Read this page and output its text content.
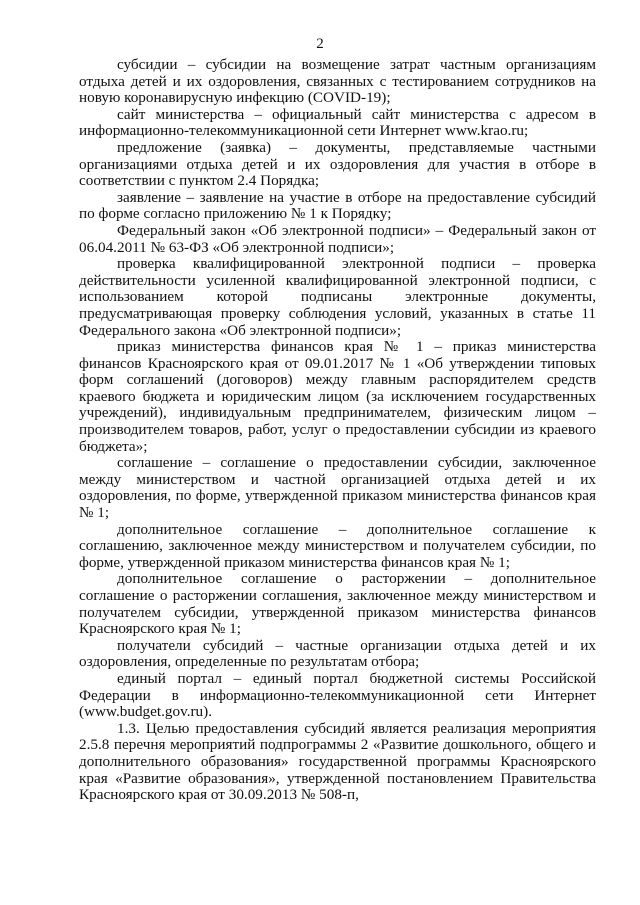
2

субсидии – субсидии на возмещение затрат частным организациям отдыха детей и их оздоровления, связанных с тестированием сотрудников на новую коронавирусную инфекцию (COVID-19);

сайт министерства – официальный сайт министерства с адресом в информационно-телекоммуникационной сети Интернет www.krao.ru;

предложение (заявка) – документы, представляемые частными организациями отдыха детей и их оздоровления для участия в отборе в соответствии с пунктом 2.4 Порядка;

заявление – заявление на участие в отборе на предоставление субсидий по форме согласно приложению № 1 к Порядку;

Федеральный закон «Об электронной подписи» – Федеральный закон от 06.04.2011 № 63-ФЗ «Об электронной подписи»;

проверка квалифицированной электронной подписи – проверка действительности усиленной квалифицированной электронной подписи, с использованием которой подписаны электронные документы, предусматривающая проверку соблюдения условий, указанных в статье 11 Федерального закона «Об электронной подписи»;

приказ министерства финансов края № 1 – приказ министерства финансов Красноярского края от 09.01.2017 № 1 «Об утверждении типовых форм соглашений (договоров) между главным распорядителем средств краевого бюджета и юридическим лицом (за исключением государственных учреждений), индивидуальным предпринимателем, физическим лицом – производителем товаров, работ, услуг о предоставлении субсидии из краевого бюджета»;

соглашение – соглашение о предоставлении субсидии, заключенное между министерством и частной организацией отдыха детей и их оздоровления, по форме, утвержденной приказом министерства финансов края № 1;

дополнительное соглашение – дополнительное соглашение к соглашению, заключенное между министерством и получателем субсидии, по форме, утвержденной приказом министерства финансов края № 1;

дополнительное соглашение о расторжении – дополнительное соглашение о расторжении соглашения, заключенное между министерством и получателем субсидии, утвержденной приказом министерства финансов Красноярского края № 1;

получатели субсидий – частные организации отдыха детей и их оздоровления, определенные по результатам отбора;

единый портал – единый портал бюджетной системы Российской Федерации в информационно-телекоммуникационной сети Интернет (www.budget.gov.ru).

1.3. Целью предоставления субсидий является реализация мероприятия 2.5.8 перечня мероприятий подпрограммы 2 «Развитие дошкольного, общего и дополнительного образования» государственной программы Красноярского края «Развитие образования», утвержденной постановлением Правительства Красноярского края от 30.09.2013 № 508-п,
